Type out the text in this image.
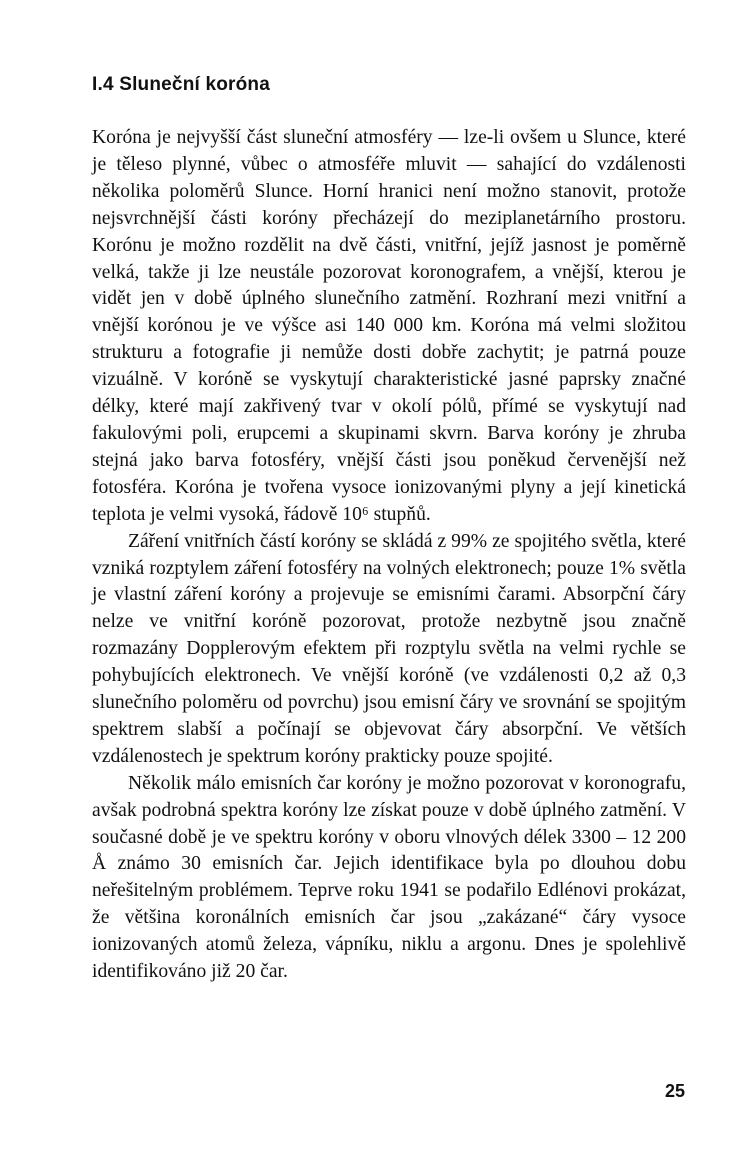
I.4 Sluneční koróna

Koróna je nejvyšší část sluneční atmosféry — lze-li ovšem u Slunce, které je těleso plynné, vůbec o atmosféře mluvit — sahající do vzdálenosti několika poloměrů Slunce. Horní hranici není možno stanovit, protože nejsvrchnější části koróny přecházejí do meziplanetárního prostoru. Korónu je možno rozdělit na dvě části, vnitřní, jejíž jasnost je poměrně velká, takže ji lze neustále pozorovat koronografem, a vnější, kterou je vidět jen v době úplného slunečního zatmění. Rozhraní mezi vnitřní a vnější korónou je ve výšce asi 140 000 km. Koróna má velmi složitou strukturu a fotografie ji nemůže dosti dobře zachytit; je patrná pouze vizuálně. V koróně se vyskytují charakteristické jasné paprsky značné délky, které mají zakřivený tvar v okolí pólů, přímé se vyskytují nad fakulovými poli, erupcemi a skupinami skvrn. Barva koróny je zhruba stejná jako barva fotosféry, vnější části jsou poněkud červenější než fotosféra. Koróna je tvořena vysoce ionizovanými plyny a její kinetická teplota je velmi vysoká, řádově 10⁶ stupňů.

Záření vnitřních částí koróny se skládá z 99% ze spojitého světla, které vzniká rozptylem záření fotosféry na volných elektronech; pouze 1% světla je vlastní záření koróny a projevuje se emisními čarami. Absorpční čáry nelze ve vnitřní koróně pozorovat, protože nezbytně jsou značně rozmazány Dopplerovým efektem při rozptylu světla na velmi rychle se pohybujících elektronech. Ve vnější koróně (ve vzdálenosti 0,2 až 0,3 slunečního poloměru od povrchu) jsou emisní čáry ve srovnání se spojitým spektrem slabší a počínají se objevovat čáry absorpční. Ve větších vzdálenostech je spektrum koróny prakticky pouze spojité.

Několik málo emisních čar koróny je možno pozorovat v koronografu, avšak podrobná spektra koróny lze získat pouze v době úplného zatmění. V současné době je ve spektru koróny v oboru vlnových délek 3300 – 12 200 Å známo 30 emisních čar. Jejich identifikace byla po dlouhou dobu neřešitelným problémem. Teprve roku 1941 se podařilo Edlénovi prokázat, že většina koronálních emisních čar jsou „zakázané“ čáry vysoce ionizovaných atomů železa, vápníku, niklu a argonu. Dnes je spolehlivě identifikováno již 20 čar.

25
